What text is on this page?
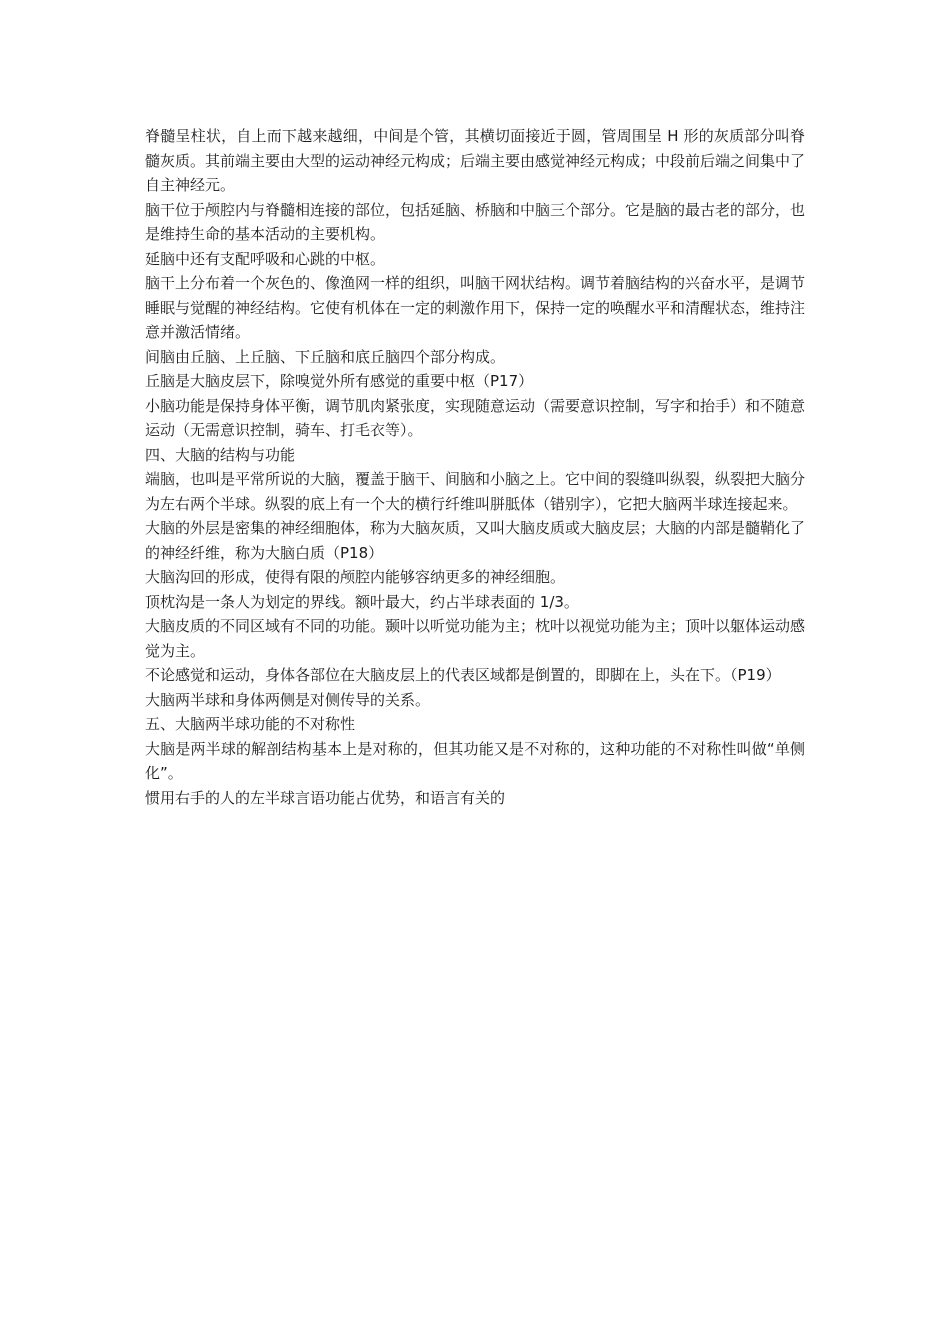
脊髓呈柱状，自上而下越来越细，中间是个管，其横切面接近于圆，管周围呈 H 形的灰质部分叫脊髓灰质。其前端主要由大型的运动神经元构成；后端主要由感觉神经元构成；中段前后端之间集中了自主神经元。

脑干位于颅腔内与脊髓相连接的部位，包括延脑、桥脑和中脑三个部分。它是脑的最古老的部分，也是维持生命的基本活动的主要机构。

延脑中还有支配呼吸和心跳的中枢。

脑干上分布着一个灰色的、像渔网一样的组织，叫脑干网状结构。调节着脑结构的兴奋水平，是调节睡眠与觉醒的神经结构。它使有机体在一定的刺激作用下，保持一定的唤醒水平和清醒状态，维持注意并激活情绪。

间脑由丘脑、上丘脑、下丘脑和底丘脑四个部分构成。

丘脑是大脑皮层下，除嗅觉外所有感觉的重要中枢（P17）

小脑功能是保持身体平衡，调节肌肉紧张度，实现随意运动（需要意识控制，写字和抬手）和不随意运动（无需意识控制，骑车、打毛衣等）。

四、大脑的结构与功能

端脑，也叫是平常所说的大脑，覆盖于脑干、间脑和小脑之上。它中间的裂缝叫纵裂，纵裂把大脑分为左右两个半球。纵裂的底上有一个大的横行纤维叫胼胝体（错别字），它把大脑两半球连接起来。

大脑的外层是密集的神经细胞体，称为大脑灰质，又叫大脑皮质或大脑皮层；大脑的内部是髓鞘化了的神经纤维，称为大脑白质（P18）

大脑沟回的形成，使得有限的颅腔内能够容纳更多的神经细胞。

顶枕沟是一条人为划定的界线。额叶最大，约占半球表面的 1/3。

大脑皮质的不同区域有不同的功能。颞叶以听觉功能为主；枕叶以视觉功能为主；顶叶以躯体运动感觉为主。

不论感觉和运动，身体各部位在大脑皮层上的代表区域都是倒置的，即脚在上，头在下。（P19）

大脑两半球和身体两侧是对侧传导的关系。

五、大脑两半球功能的不对称性

大脑是两半球的解剖结构基本上是对称的，但其功能又是不对称的，这种功能的不对称性叫做“单侧化”。

惯用右手的人的左半球言语功能占优势，和语言有关的
